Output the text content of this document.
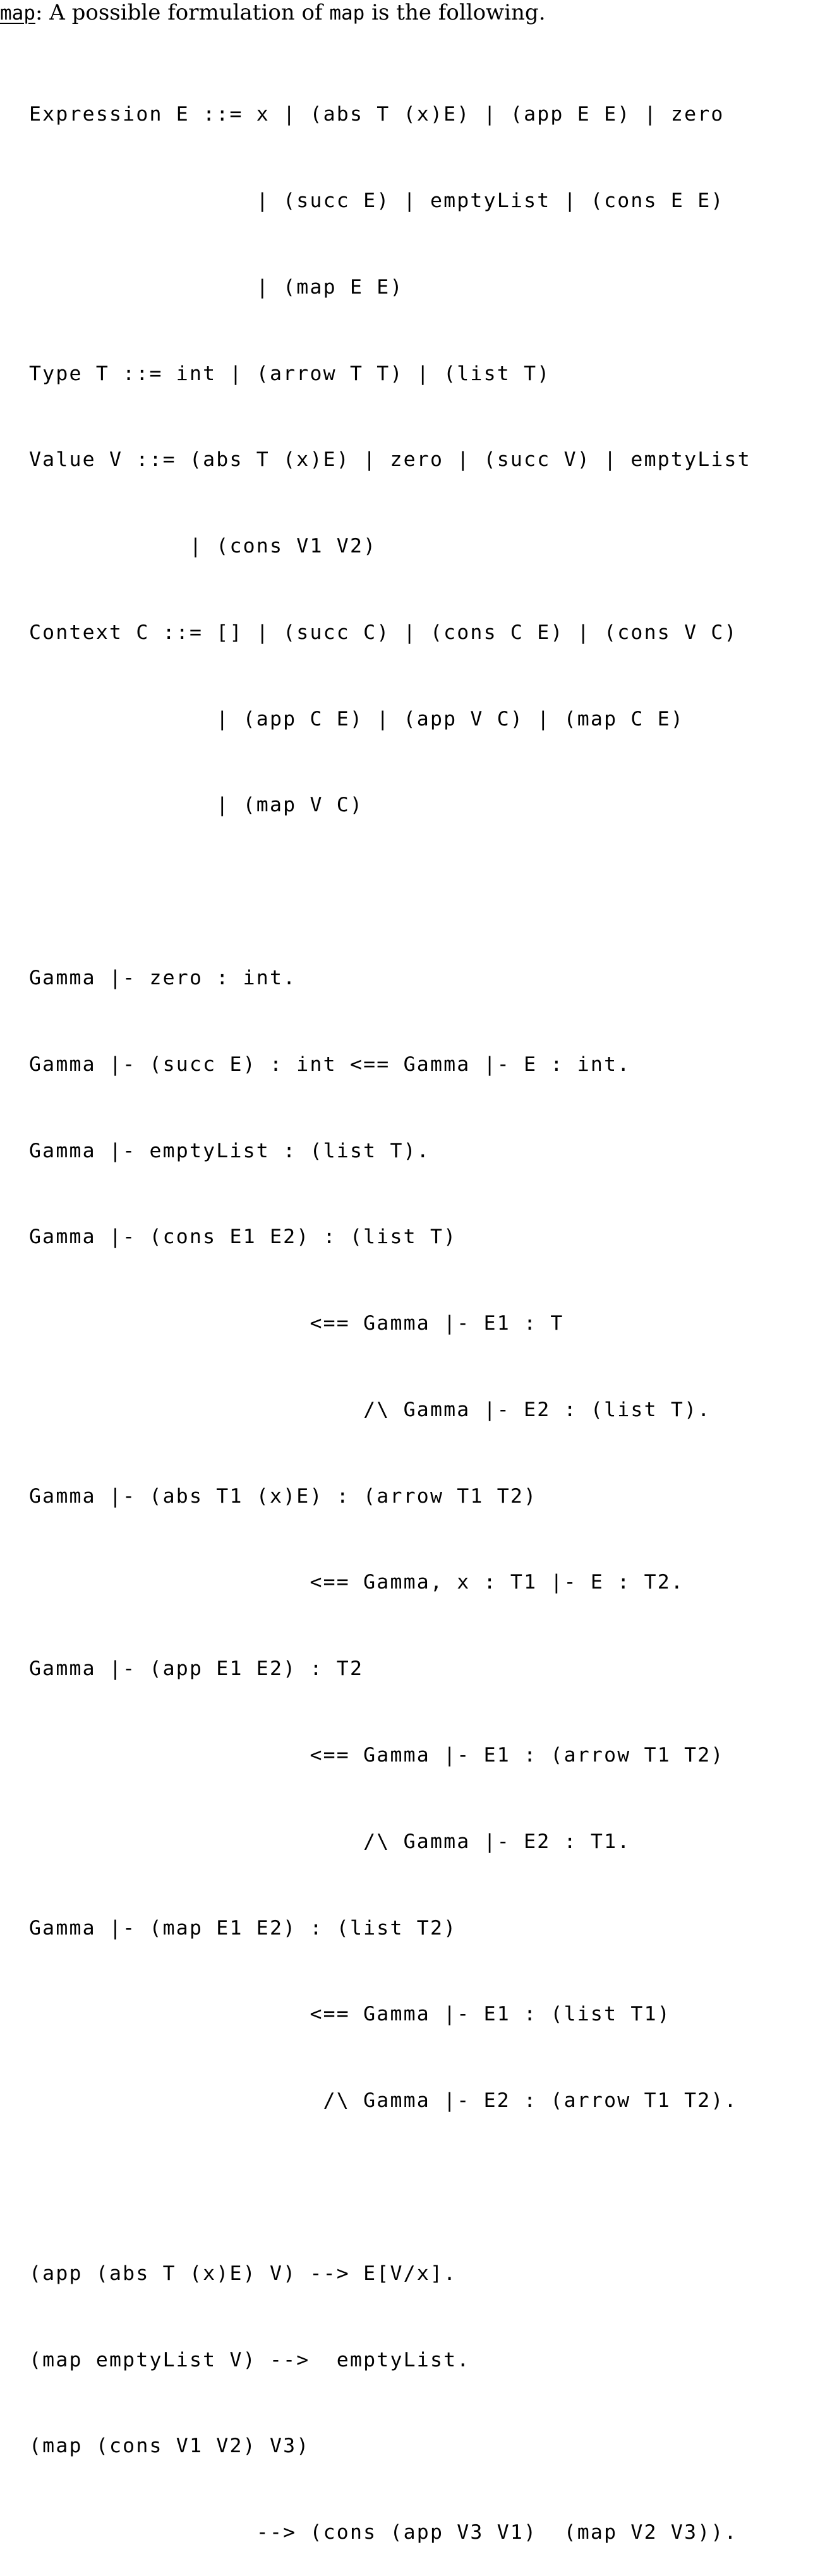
map: A possible formulation of map is the following.

Expression E ::= x | (abs T (x)E) | (app E E) | zero

| (succ E) | emptyList | (cons E E)

| (map E E)

Type T ::= int | (arrow T T) | (list T)

Value V ::= (abs T (x)E) | zero | (succ V) | emptyList

| (cons V1 V2)

Context C ::= [] | (succ C) | (cons C E) | (cons V C)

| (app C E) | (app V C) | (map C E)

| (map V C)

Gamma |- zero : int.

Gamma |- (succ E) : int <== Gamma |- E : int.

Gamma |- emptyList : (list T).

Gamma |- (cons E1 E2) : (list T)

<== Gamma |- E1 : T

/\ Gamma |- E2 : (list T).

Gamma |- (abs T1 (x)E) : (arrow T1 T2)

<== Gamma, x : T1 |- E : T2.

Gamma |- (app E1 E2) : T2

<== Gamma |- E1 : (arrow T1 T2)

/\ Gamma |- E2 : T1.

Gamma |- (map E1 E2) : (list T2)

<== Gamma |- E1 : (list T1)

/\ Gamma |- E2 : (arrow T1 T2).

(app (abs T (x)E) V) --> E[V/x].

(map emptyList V) -->  emptyList.

(map (cons V1 V2) V3)

--> (cons (app V3 V1)  (map V2 V3)).
